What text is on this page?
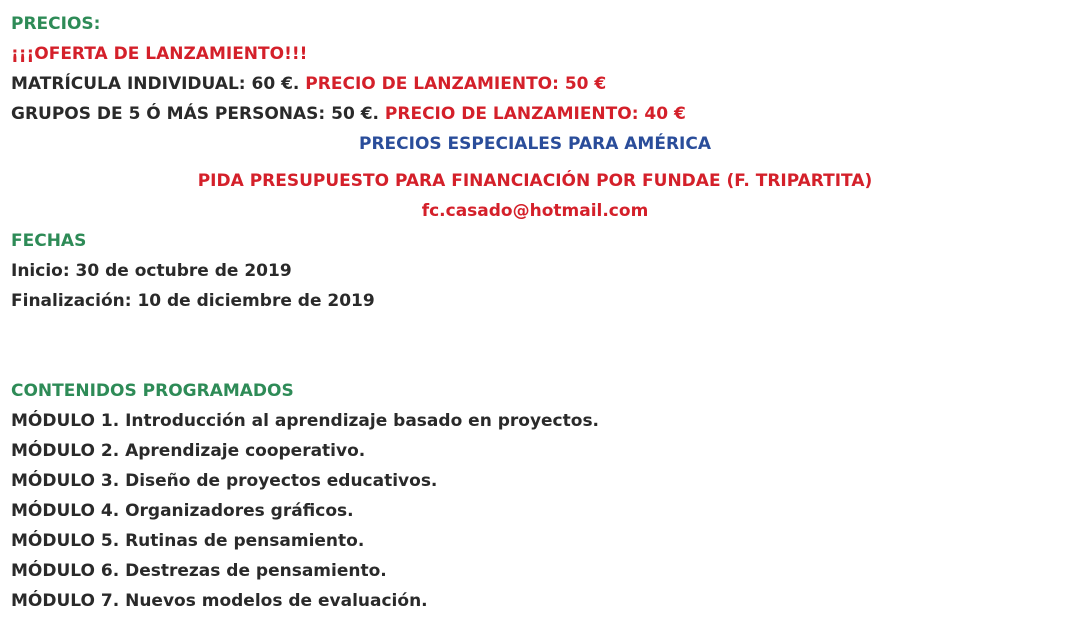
PRECIOS:
¡¡¡OFERTA DE LANZAMIENTO!!!
MATRÍCULA INDIVIDUAL: 60 €. PRECIO DE LANZAMIENTO: 50 €
GRUPOS DE 5 Ó MÁS PERSONAS: 50 €. PRECIO DE LANZAMIENTO: 40 €
PRECIOS ESPECIALES PARA AMÉRICA
PIDA PRESUPUESTO PARA FINANCIACIÓN POR FUNDAE (F. TRIPARTITA)
fc.casado@hotmail.com
FECHAS
Inicio: 30 de octubre de 2019
Finalización: 10 de diciembre de 2019
CONTENIDOS PROGRAMADOS
MÓDULO 1. Introducción al aprendizaje basado en proyectos.
MÓDULO 2. Aprendizaje cooperativo.
MÓDULO 3. Diseño de proyectos educativos.
MÓDULO 4. Organizadores gráficos.
MÓDULO 5. Rutinas de pensamiento.
MÓDULO 6. Destrezas de pensamiento.
MÓDULO 7. Nuevos modelos de evaluación.
